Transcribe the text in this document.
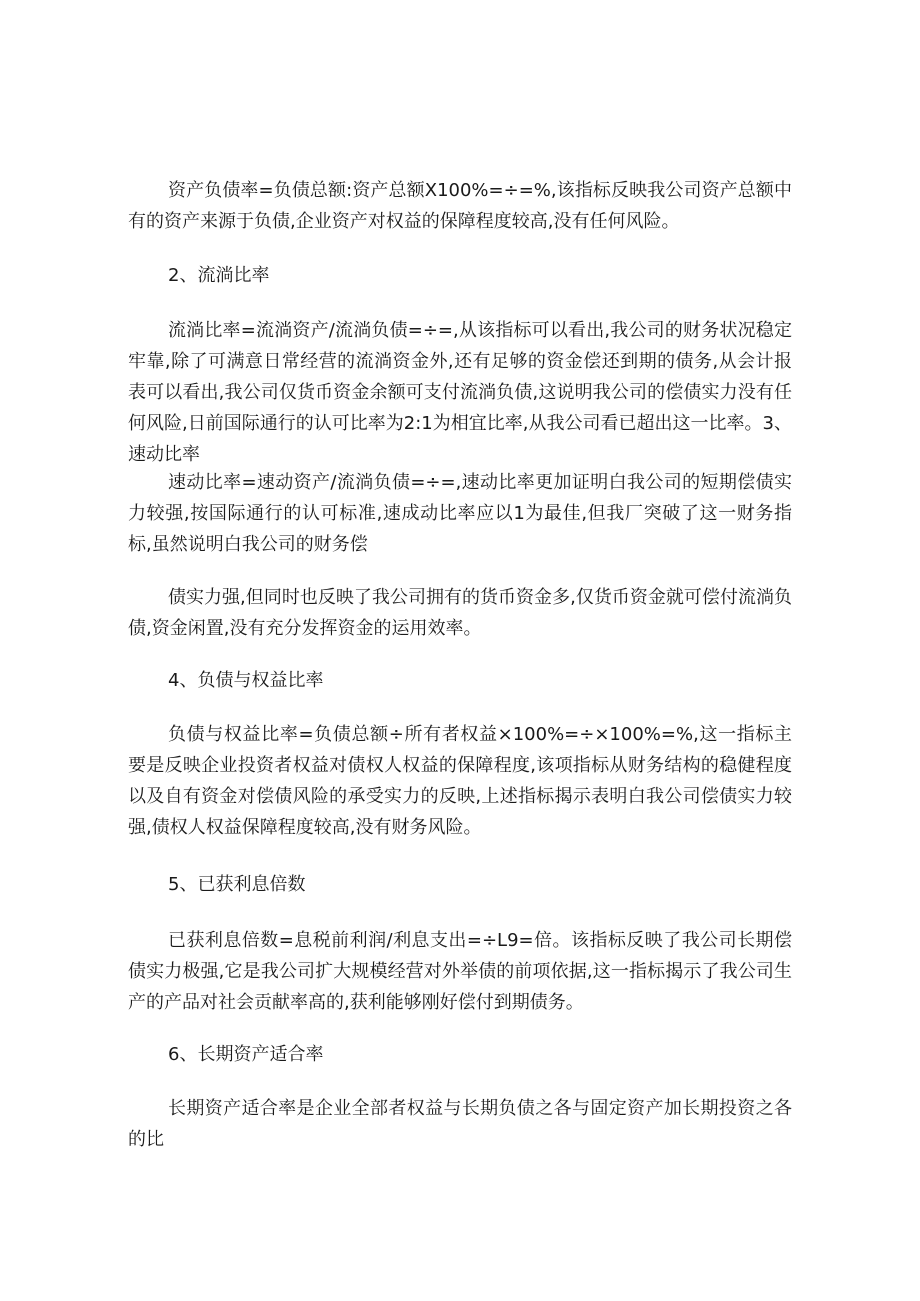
资产负债率=负债总额:资产总额X100%=÷=%,该指标反映我公司资产总额中有的资产来源于负债,企业资产对权益的保障程度较高,没有任何风险。

2、流淌比率

流淌比率=流淌资产/流淌负债=÷=,从该指标可以看出,我公司的财务状况稳定牢靠,除了可满意日常经营的流淌资金外,还有足够的资金偿还到期的债务,从会计报表可以看出,我公司仅货币资金余额可支付流淌负债,这说明我公司的偿债实力没有任何风险,日前国际通行的认可比率为2:1为相宜比率,从我公司看已超出这一比率。3、速动比率

速动比率=速动资产/流淌负债=÷=,速动比率更加证明白我公司的短期偿债实力较强,按国际通行的认可标准,速成动比率应以1为最佳,但我厂突破了这一财务指标,虽然说明白我公司的财务偿

债实力强,但同时也反映了我公司拥有的货币资金多,仅货币资金就可偿付流淌负债,资金闲置,没有充分发挥资金的运用效率。

4、负债与权益比率

负债与权益比率=负债总额÷所有者权益×100%=÷×100%=%,这一指标主要是反映企业投资者权益对债权人权益的保障程度,该项指标从财务结构的稳健程度以及自有资金对偿债风险的承受实力的反映,上述指标揭示表明白我公司偿债实力较强,债权人权益保障程度较高,没有财务风险。

5、已获利息倍数

已获利息倍数=息税前利润/利息支出=÷L9=倍。该指标反映了我公司长期偿债实力极强,它是我公司扩大规模经营对外举债的前项依据,这一指标揭示了我公司生产的产品对社会贡献率高的,获利能够刚好偿付到期债务。

6、长期资产适合率

长期资产适合率是企业全部者权益与长期负债之各与固定资产加长期投资之各的比
